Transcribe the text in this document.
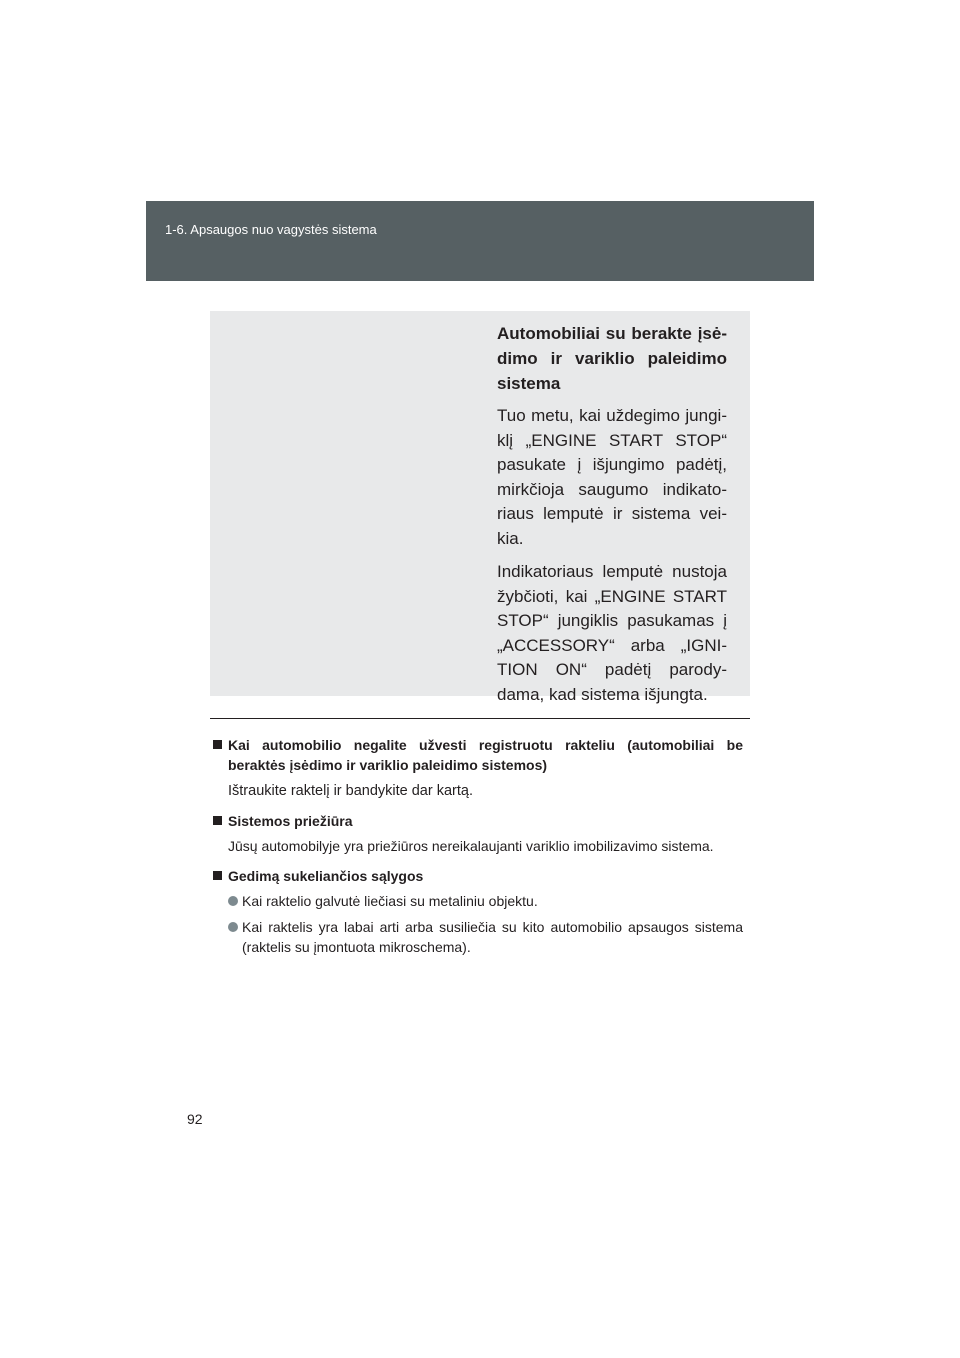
1-6. Apsaugos nuo vagystės sistema

Automobiliai su berakte įsėdimo ir variklio paleidimo sistema

Tuo metu, kai uždegimo jungiklį „ENGINE START STOP“ pasukate į išjungimo padėtį, mirkčioja saugumo indikatoriaus lemputė ir sistema veikia.

Indikatoriaus lemputė nustoja žybčioti, kai „ENGINE START STOP“ jungiklis pasukamas į „ACCESSORY“ arba „IGNITION ON“ padėtį parodydama, kad sistema išjungta.

Kai automobilio negalite užvesti registruotu rakteliu (automobiliai be beraktės įsėdimo ir variklio paleidimo sistemos)

Ištraukite raktelį ir bandykite dar kartą.

Sistemos priežiūra

Jūsų automobilyje yra priežiūros nereikalaujanti variklio imobilizavimo sistema.

Gedimą sukeliančios sąlygos

Kai raktelio galvutė liečiasi su metaliniu objektu.
Kai raktelis yra labai arti arba susiliečia su kito automobilio apsaugos sistema (raktelis su įmontuota mikroschema).
92
